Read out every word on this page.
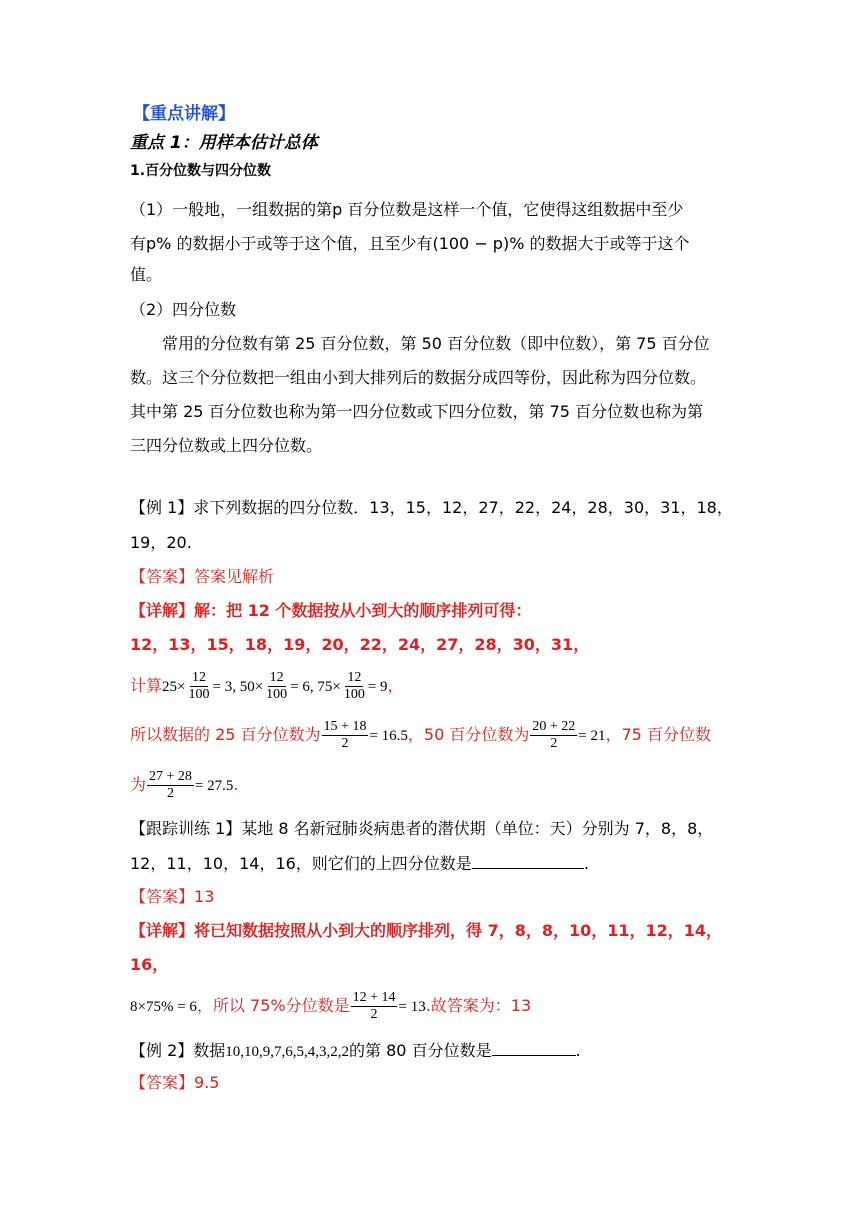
【重点讲解】
重点 1：用样本估计总体
1.百分位数与四分位数
（1）一般地，一组数据的第p 百分位数是这样一个值，它使得这组数据中至少
有p% 的数据小于或等于这个值，且至少有(100 − p)% 的数据大于或等于这个
值。
（2）四分位数
常用的分位数有第 25 百分位数，第 50 百分位数（即中位数），第 75 百分位
数。这三个分位数把一组由小到大排列后的数据分成四等份，因此称为四分位数。
其中第 25 百分位数也称为第一四分位数或下四分位数，第 75 百分位数也称为第
三四分位数或上四分位数。
【例 1】求下列数据的四分位数．13，15，12，27，22，24，28，30，31，18，
19，20.
【答案】答案见解析
【详解】解：把 12 个数据按从小到大的顺序排列可得：
12，13，15，18，19，20，22，24，27，28，30，31，
计算$25\times \frac{12}{100} = 3$, $50\times \frac{12}{100} = 6$, $75\times \frac{12}{100} = 9$，
所以数据的 25 百分位数为 $\frac{15 + 18}{2} = 16.5$，50 百分位数为 $\frac{20 + 22}{2} = 21$，75 百分位数
为 $\frac{27 + 28}{2} = 27.5$.
【跟踪训练 1】某地 8 名新冠肺炎病患者的潜伏期（单位：天）分别为 7，8，8，
12，11，10，14，16，则它们的上四分位数是	.
【答案】13
【详解】将已知数据按照从小到大的顺序排列，得 7，8，8，10，11，12，14，
16，
8×75% = 6，所以 75%分位数是 $\frac{12 + 14}{2} = 13$.故答案为：13
【例 2】数据10,10,9,7,6,5,4,3,2,2的第 80 百分位数是	.
【答案】9.5
